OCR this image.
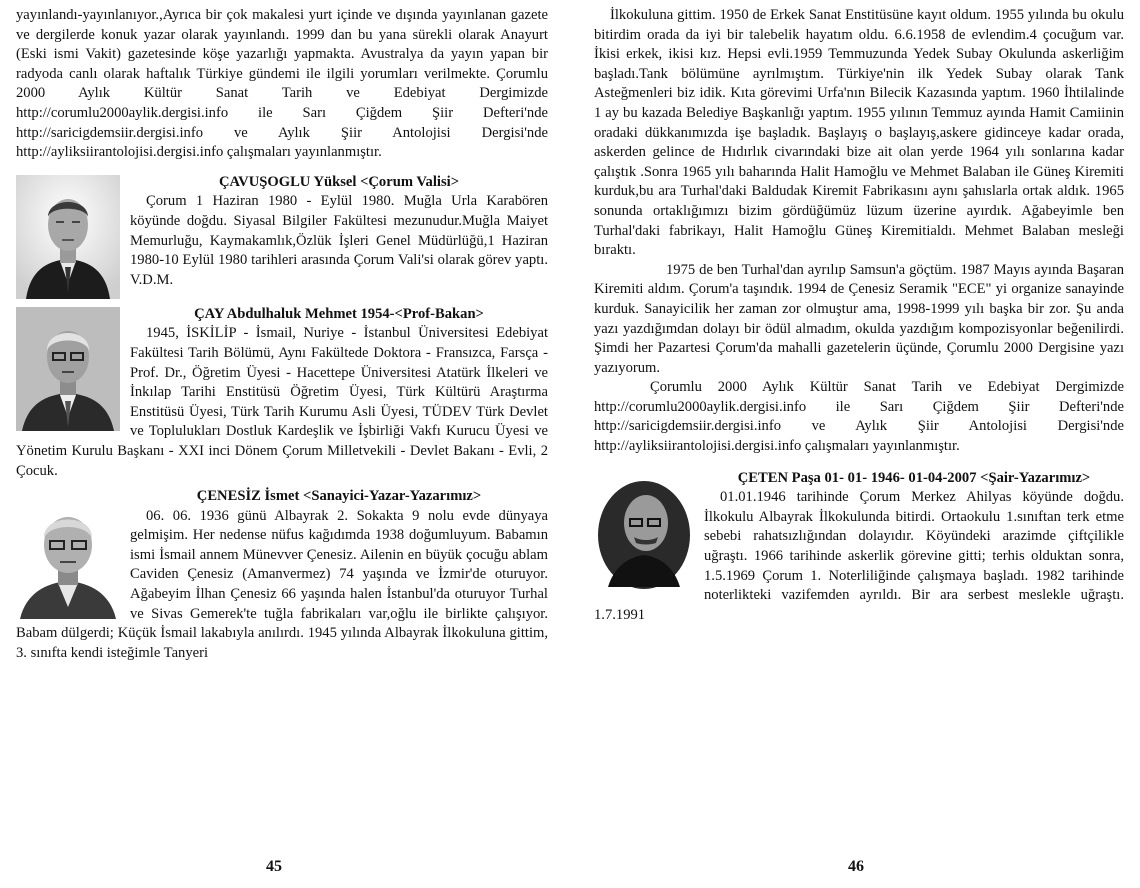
yayınlandı-yayınlanıyor.,Ayrıca bir çok makalesi yurt içinde ve dışında yayınlanan gazete ve dergilerde konuk yazar olarak yayınlandı. 1999 dan bu yana sürekli olarak Anayurt (Eski ismi Vakit) gazetesinde köşe yazarlığı yapmakta. Avustralya da yayın yapan bir radyoda canlı olarak haftalık Türkiye gündemi ile ilgili yorumları verilmekte. Çorumlu 2000 Aylık Kültür Sanat Tarih ve Edebiyat Dergimizde http://corumlu2000aylik.dergisi.info ile Sarı Çiğdem Şiir Defteri'nde http://saricigdemsiir.dergisi.info ve Aylık Şiir Antolojisi Dergisi'nde http://ayliksiirantolojisi.dergisi.info çalışmaları yayınlanmıştır.

ÇAVUŞOGLU Yüksel <Çorum Valisi>

Çorum 1 Haziran 1980 - Eylül 1980. Muğla Urla Karabören köyünde doğdu. Siyasal Bilgiler Fakültesi mezunudur.Muğla Maiyet Memurluğu, Kaymakamlık,Özlük İşleri Genel Müdürlüğü,1 Haziran 1980-10 Eylül 1980 tarihleri arasında Çorum Vali'si olarak görev yaptı. V.D.M.

ÇAY Abdulhaluk Mehmet 1954-<Prof-Bakan>

1945, İSKİLİP - İsmail, Nuriye - İstanbul Üniversitesi Edebiyat Fakültesi Tarih Bölümü, Aynı Fakültede Doktora - Fransızca, Farsça - Prof. Dr., Öğretim Üyesi - Hacettepe Üniversitesi Atatürk İlkeleri ve İnkılap Tarihi Enstitüsü Öğretim Üyesi, Türk Kültürü Araştırma Enstitüsü Üyesi, Türk Tarih Kurumu Asli Üyesi, TÜDEV Türk Devlet ve Toplulukları Dostluk Kardeşlik ve İşbirliği Vakfı Kurucu Üyesi ve Yönetim Kurulu Başkanı - XXI inci Dönem Çorum Milletvekili - Devlet Bakanı - Evli, 2 Çocuk.

ÇENESİZ İsmet <Sanayici-Yazar-Yazarımız>

06. 06. 1936 günü Albayrak 2. Sokakta 9 nolu evde dünyaya gelmişim. Her nedense nüfus kağıdımda 1938 doğumluyum. Babamın ismi İsmail annem Münevver Çenesiz. Ailenin en büyük çocuğu ablam Caviden Çenesiz (Amanvermez) 74 yaşında ve İzmir'de oturuyor. Ağabeyim İlhan Çenesiz 66 yaşında halen İstanbul'da oturuyor Turhal ve Sivas Gemerek'te tuğla fabrikaları var,oğlu ile birlikte çalışıyor. Babam dülgerdi; Küçük İsmail lakabıyla anılırdı. 1945 yılında Albayrak İlkokuluna gittim, 3. sınıfta kendi isteğimle Tanyeri

45

İlkokuluna gittim. 1950 de Erkek Sanat Enstitüsüne kayıt oldum. 1955 yılında bu okulu bitirdim orada da iyi bir talebelik hayatım oldu. 6.6.1958 de evlendim.4 çocuğum var. İkisi erkek, ikisi kız. Hepsi evli.1959 Temmuzunda Yedek Subay Okulunda askerliğim başladı.Tank bölümüne ayrılmıştım. Türkiye'nin ilk Yedek Subay olarak Tank Asteğmenleri biz idik. Kıta görevimi Urfa'nın Bilecik Kazasında yaptım. 1960 İhtilalinde 1 ay bu kazada Belediye Başkanlığı yaptım. 1955 yılının Temmuz ayında Hamit Camiinin oradaki dükkanımızda işe başladık. Başlayış o başlayış,askere gidinceye kadar orada, askerden gelince de Hıdırlık civarındaki bize ait olan yerde 1964 yılı sonlarına kadar çalıştık .Sonra 1965 yılı baharında Halit Hamoğlu ve Mehmet Balaban ile Güneş Kiremiti kurduk,bu ara Turhal'daki Baldudak Kiremit Fabrikasını aynı şahıslarla ortak aldık. 1965 sonunda ortaklığımızı bizim gördüğümüz lüzum üzerine ayırdık. Ağabeyimle ben Turhal'daki fabrikayı, Halit Hamoğlu Güneş Kiremitialdı. Mehmet Balaban mesleği bıraktı.

1975 de ben Turhal'dan ayrılıp Samsun'a göçtüm. 1987 Mayıs ayında Başaran Kiremiti aldım. Çorum'a taşındık. 1994 de Çenesiz Seramik "ECE" yi organize sanayinde kurduk. Sanayicilik her zaman zor olmuştur ama, 1998-1999 yılı başka bir zor. Şu anda yazı yazdığımdan dolayı bir ödül almadım, okulda yazdığım kompozisyonlar beğenilirdi. Şimdi her Pazartesi Çorum'da mahalli gazetelerin üçünde, Çorumlu 2000 Dergisine yazı yazıyorum.

Çorumlu 2000 Aylık Kültür Sanat Tarih ve Edebiyat Dergimizde http://corumlu2000aylik.dergisi.info ile Sarı Çiğdem Şiir Defteri'nde http://saricigdemsiir.dergisi.info ve Aylık Şiir Antolojisi Dergisi'nde http://ayliksiirantolojisi.dergisi.info çalışmaları yayınlanmıştır.

ÇETEN Paşa 01- 01- 1946- 01-04-2007 <Şair-Yazarımız>

01.01.1946 tarihinde Çorum Merkez Ahilyas köyünde doğdu. İlkokulu Albayrak İlkokulunda bitirdi. Ortaokulu 1.sınıftan terk etme sebebi rahatsızlığından dolayıdır. Köyündeki arazimde çiftçilikle uğraştı. 1966 tarihinde askerlik görevine gitti; terhis olduktan sonra, 1.5.1969 Çorum 1. Noterliliğinde çalışmaya başladı. 1982 tarihinde noterlikteki vazifemden ayrıldı. Bir ara serbest meslekle uğraştı. 1.7.1991

46
